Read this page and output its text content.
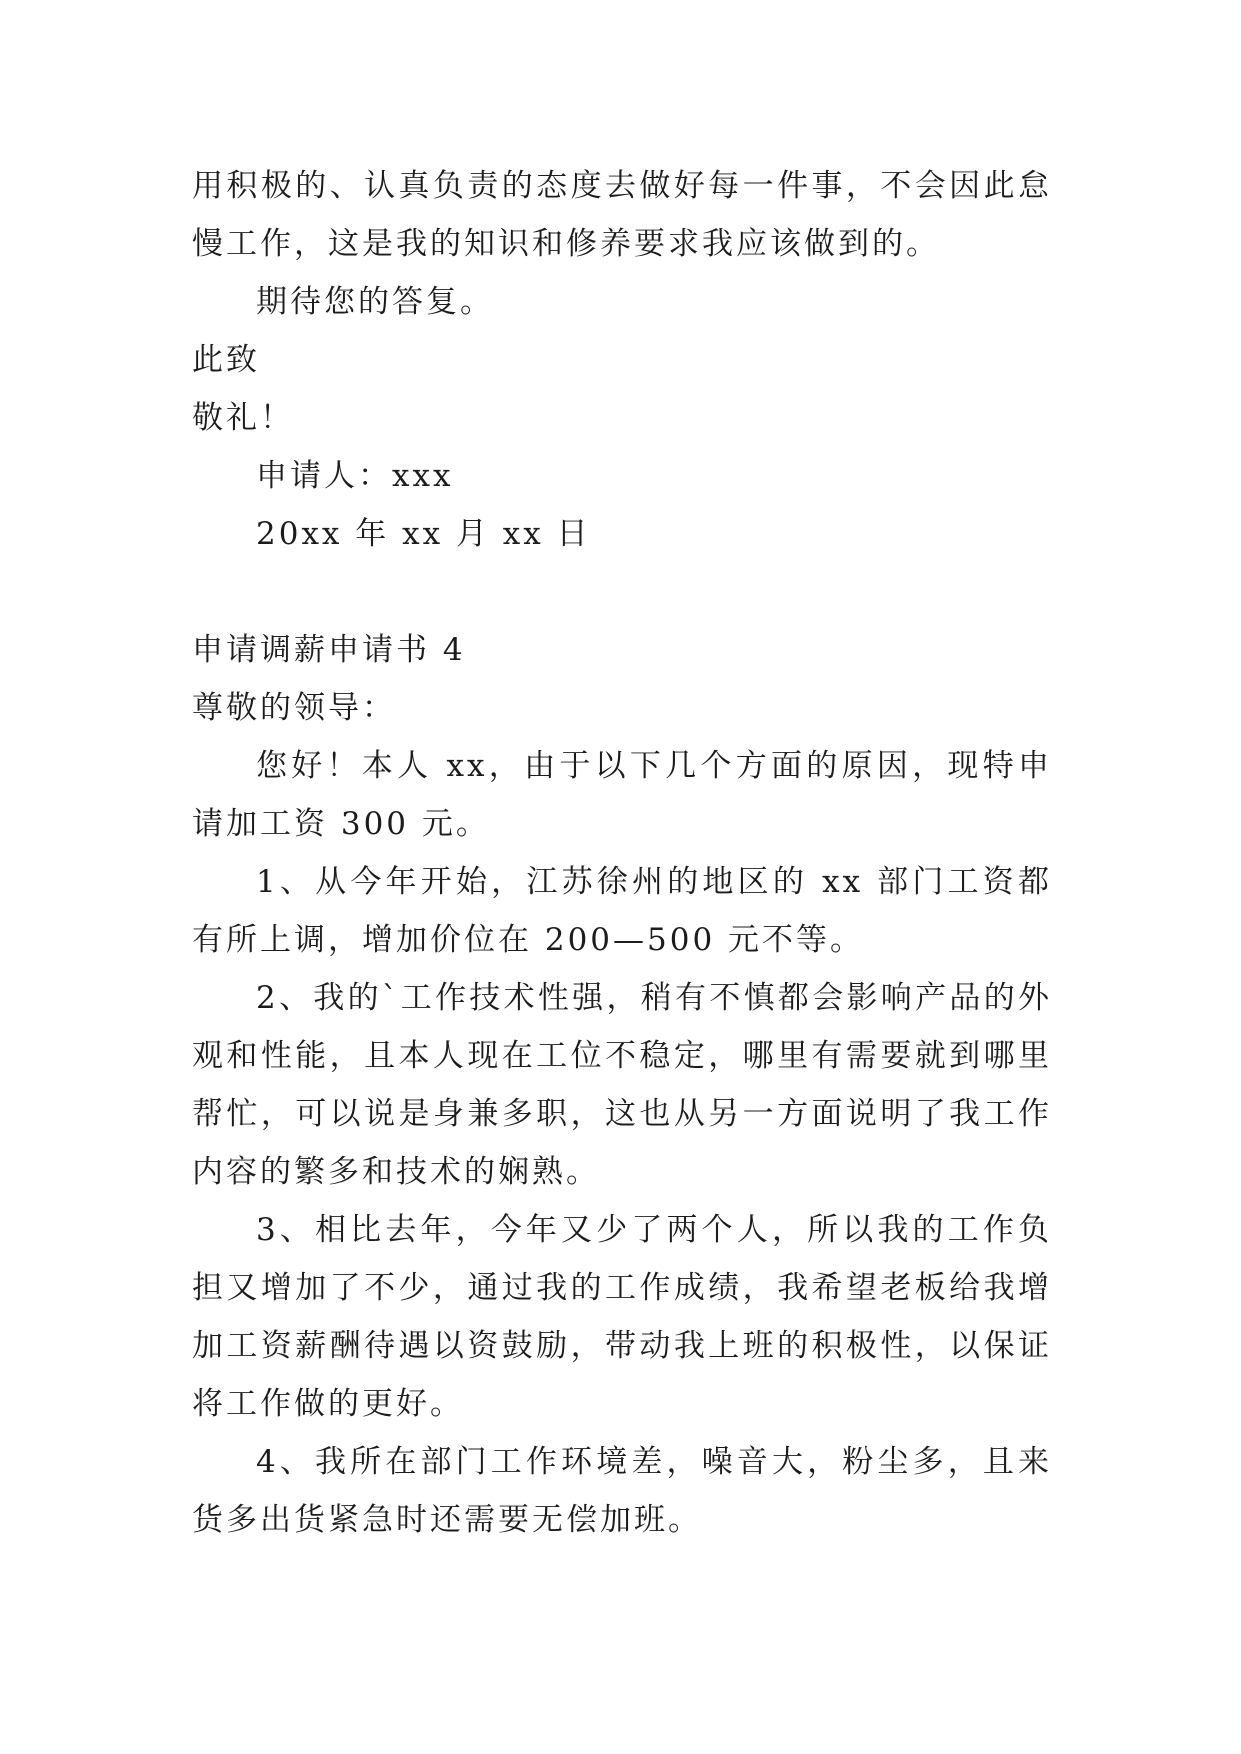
用积极的、认真负责的态度去做好每一件事，不会因此怠慢工作，这是我的知识和修养要求我应该做到的。

期待您的答复。

此致

敬礼！

申请人：xxx

20xx 年 xx 月 xx 日

申请调薪申请书 4

尊敬的领导：

您好！本人 xx，由于以下几个方面的原因，现特申请加工资 300 元。

1、从今年开始，江苏徐州的地区的 xx 部门工资都有所上调，增加价位在 200—500 元不等。

2、我的`工作技术性强，稍有不慎都会影响产品的外观和性能，且本人现在工位不稳定，哪里有需要就到哪里帮忙，可以说是身兼多职，这也从另一方面说明了我工作内容的繁多和技术的娴熟。

3、相比去年，今年又少了两个人，所以我的工作负担又增加了不少，通过我的工作成绩，我希望老板给我增加工资薪酬待遇以资鼓励，带动我上班的积极性，以保证将工作做的更好。

4、我所在部门工作环境差，噪音大，粉尘多，且来货多出货紧急时还需要无偿加班。
